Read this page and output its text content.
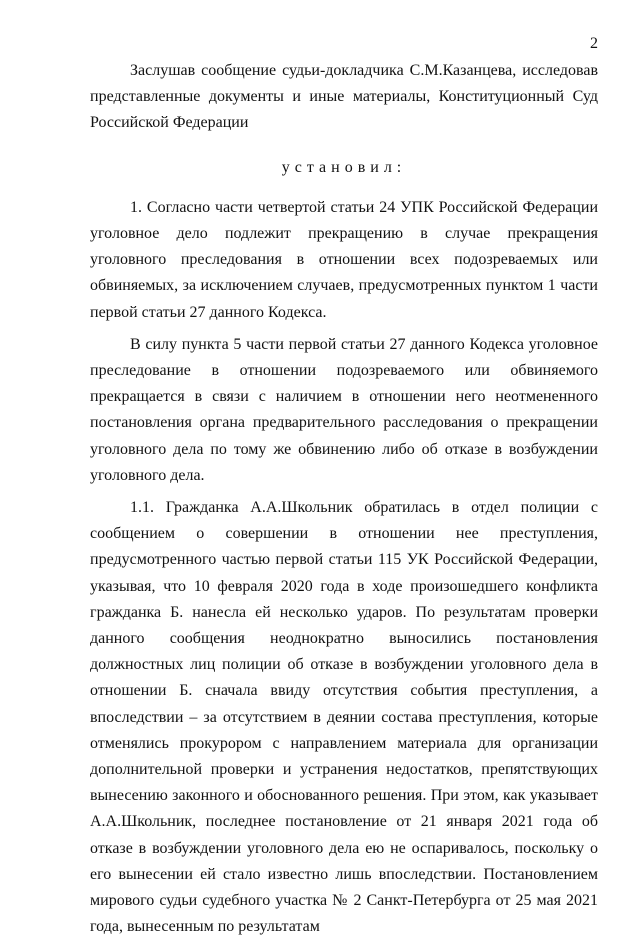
2

Заслушав сообщение судьи-докладчика С.М.Казанцева, исследовав представленные документы и иные материалы, Конституционный Суд Российской Федерации

установил:

1. Согласно части четвертой статьи 24 УПК Российской Федерации уголовное дело подлежит прекращению в случае прекращения уголовного преследования в отношении всех подозреваемых или обвиняемых, за исключением случаев, предусмотренных пунктом 1 части первой статьи 27 данного Кодекса.

В силу пункта 5 части первой статьи 27 данного Кодекса уголовное преследование в отношении подозреваемого или обвиняемого прекращается в связи с наличием в отношении него неотмененного постановления органа предварительного расследования о прекращении уголовного дела по тому же обвинению либо об отказе в возбуждении уголовного дела.

1.1. Гражданка А.А.Школьник обратилась в отдел полиции с сообщением о совершении в отношении нее преступления, предусмотренного частью первой статьи 115 УК Российской Федерации, указывая, что 10 февраля 2020 года в ходе произошедшего конфликта гражданка Б. нанесла ей несколько ударов. По результатам проверки данного сообщения неоднократно выносились постановления должностных лиц полиции об отказе в возбуждении уголовного дела в отношении Б. сначала ввиду отсутствия события преступления, а впоследствии – за отсутствием в деянии состава преступления, которые отменялись прокурором с направлением материала для организации дополнительной проверки и устранения недостатков, препятствующих вынесению законного и обоснованного решения. При этом, как указывает А.А.Школьник, последнее постановление от 21 января 2021 года об отказе в возбуждении уголовного дела ею не оспаривалось, поскольку о его вынесении ей стало известно лишь впоследствии. Постановлением мирового судьи судебного участка № 2 Санкт-Петербурга от 25 мая 2021 года, вынесенным по результатам
